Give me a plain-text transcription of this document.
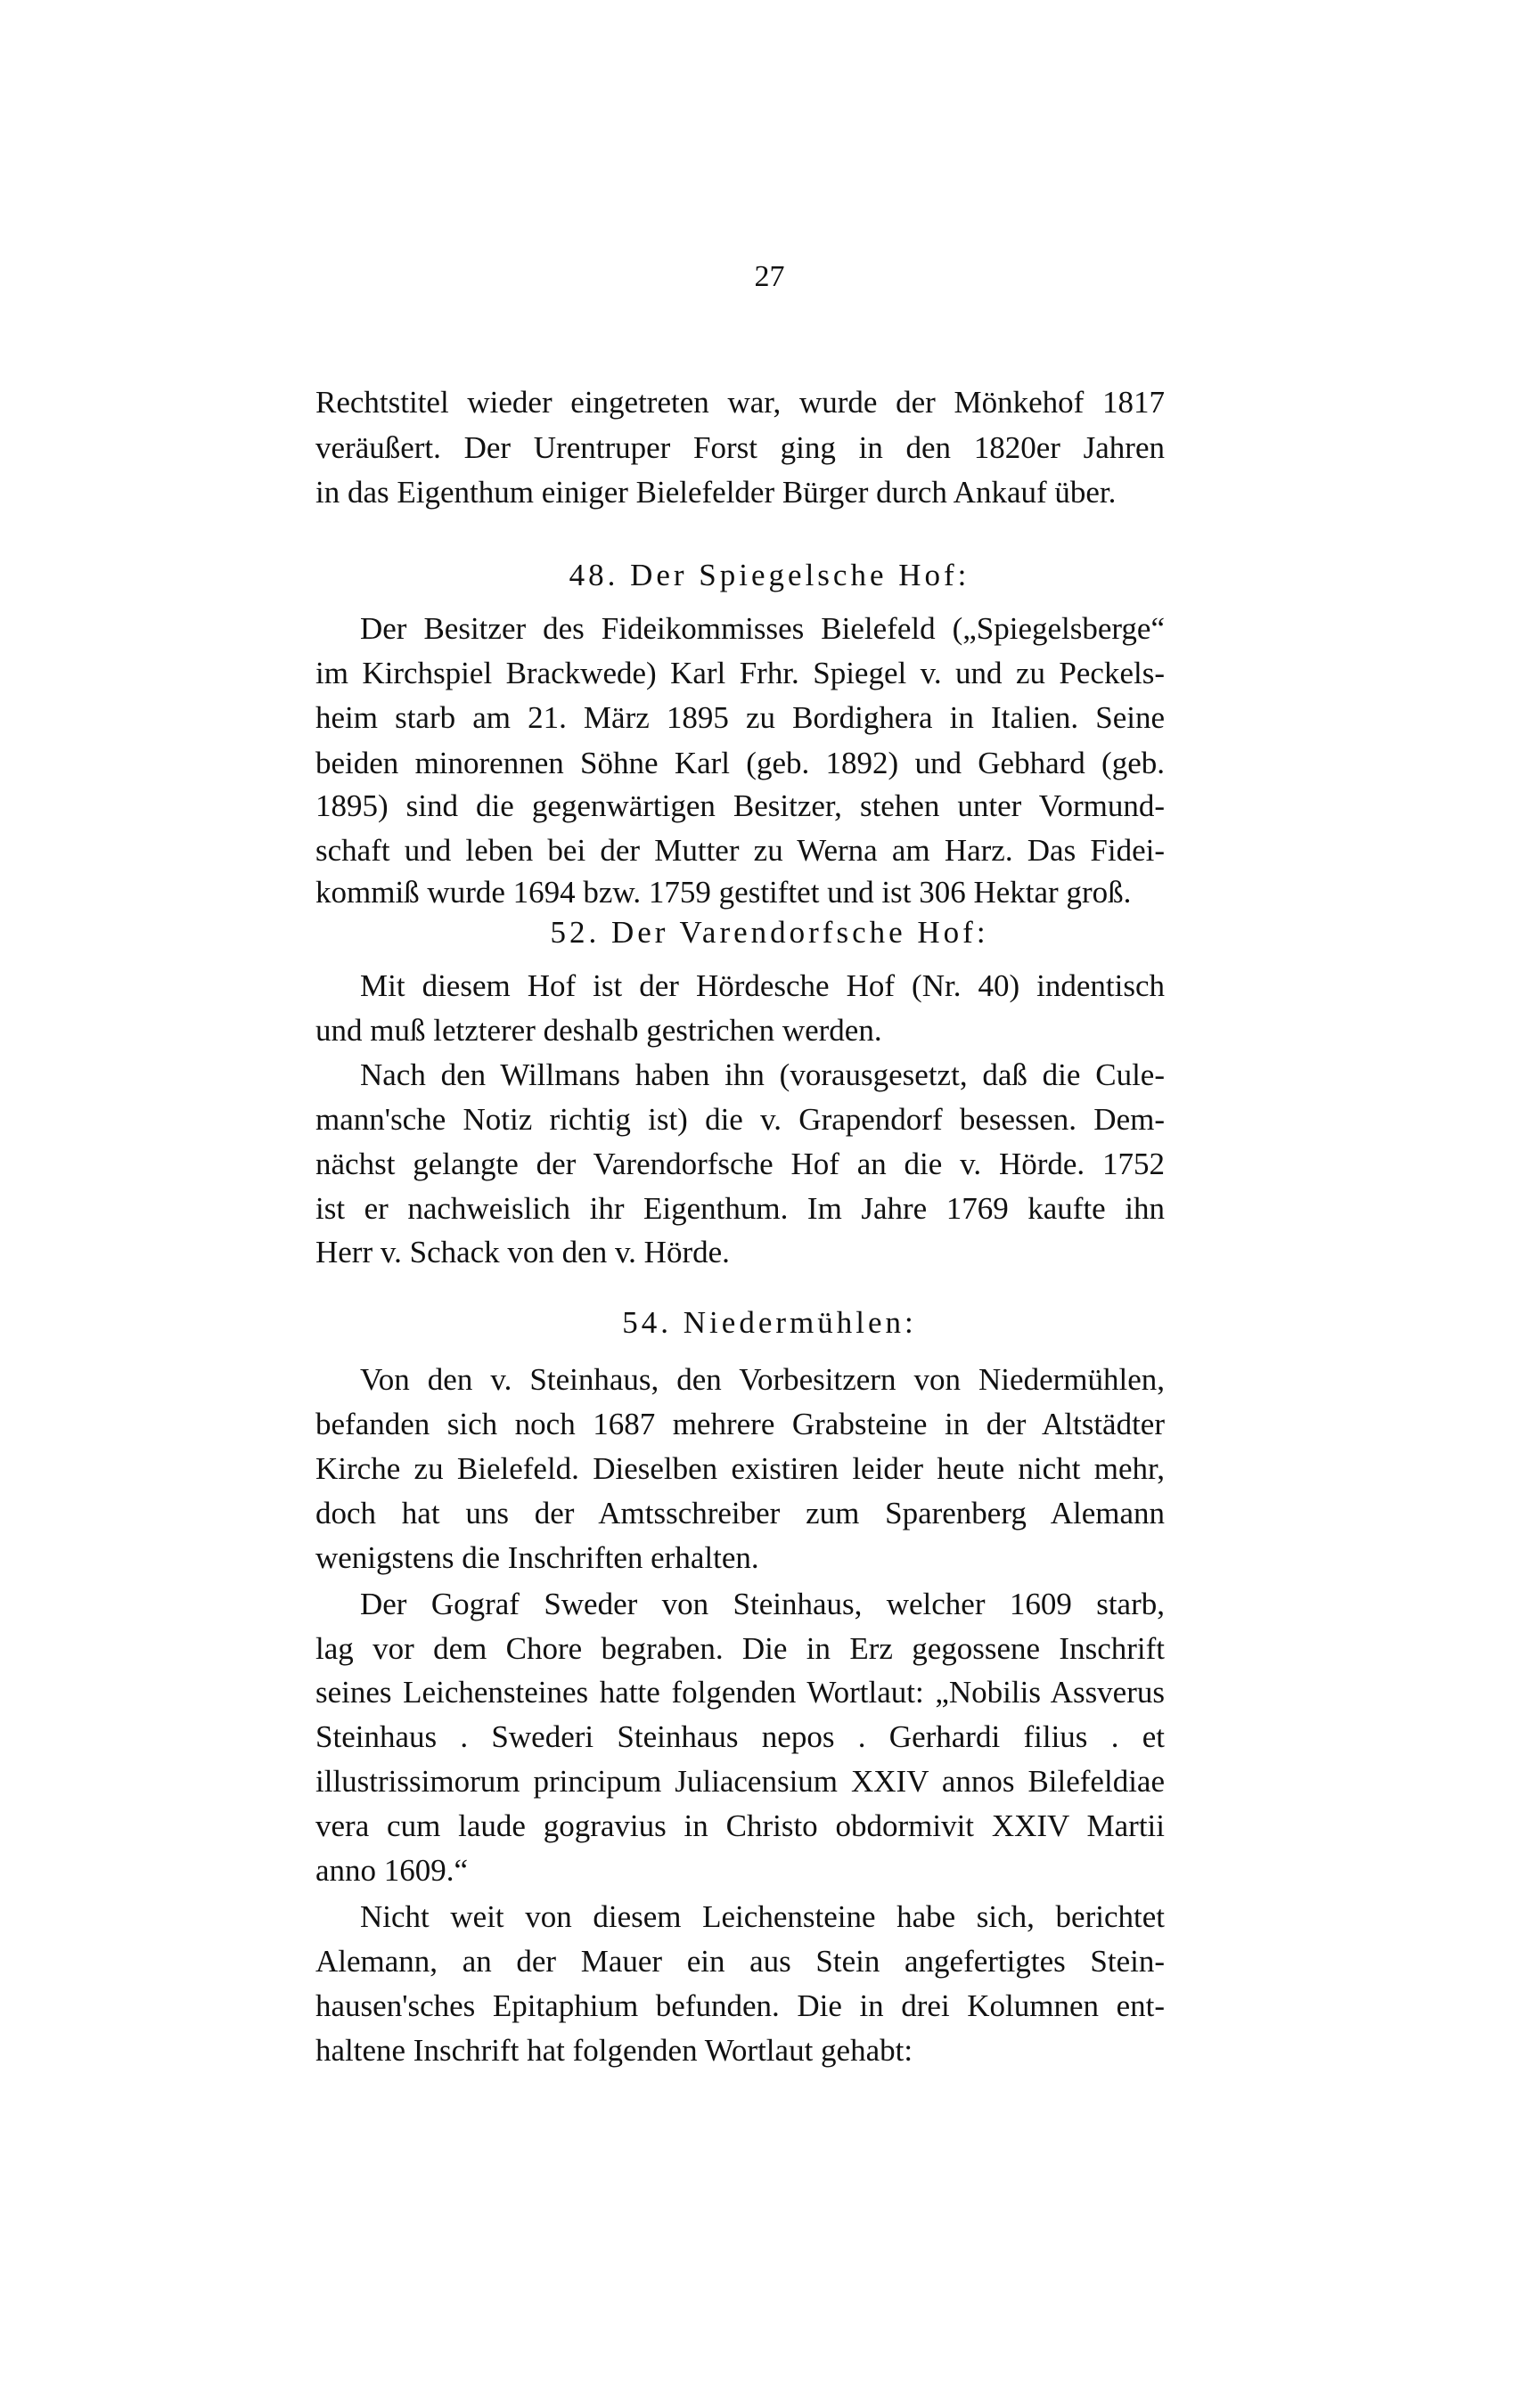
27
Rechtstitel wieder eingetreten war, wurde der Mönkehof 1817
veräußert. Der Urentruper Forst ging in den 1820er Jahren
in das Eigenthum einiger Bielefelder Bürger durch Ankauf über.
48. Der Spiegelsche Hof:
Der Besitzer des Fideikommisses Bielefeld („Spiegelsberge“
im Kirchspiel Brackwede) Karl Frhr. Spiegel v. und zu Peckels-
heim starb am 21. März 1895 zu Bordighera in Italien. Seine
beiden minorennen Söhne Karl (geb. 1892) und Gebhard (geb.
1895) sind die gegenwärtigen Besitzer, stehen unter Vormund-
schaft und leben bei der Mutter zu Werna am Harz. Das Fidei-
kommiß wurde 1694 bzw. 1759 gestiftet und ist 306 Hektar groß.
52. Der Varendorfsche Hof:
Mit diesem Hof ist der Hördesche Hof (Nr. 40) indentisch
und muß letzterer deshalb gestrichen werden.
Nach den Willmans haben ihn (vorausgesetzt, daß die Cule-
mann'sche Notiz richtig ist) die v. Grapendorf besessen. Dem-
nächst gelangte der Varendorfsche Hof an die v. Hörde. 1752
ist er nachweislich ihr Eigenthum. Im Jahre 1769 kaufte ihn
Herr v. Schack von den v. Hörde.
54. Niedermühlen:
Von den v. Steinhaus, den Vorbesitzern von Niedermühlen,
befanden sich noch 1687 mehrere Grabsteine in der Altstädter
Kirche zu Bielefeld. Dieselben existiren leider heute nicht mehr,
doch hat uns der Amtsschreiber zum Sparenberg Alemann
wenigstens die Inschriften erhalten.
Der Gograf Sweder von Steinhaus, welcher 1609 starb,
lag vor dem Chore begraben. Die in Erz gegossene Inschrift
seines Leichensteines hatte folgenden Wortlaut: „Nobilis Assverus
Steinhaus . Swederi Steinhaus nepos . Gerhardi filius . et
illustrissimorum principum Juliacensium XXIV annos Bilefeldiae
vera cum laude gogravius in Christo obdormivit XXIV Martii
anno 1609.“
Nicht weit von diesem Leichensteine habe sich, berichtet
Alemann, an der Mauer ein aus Stein angefertigtes Stein-
hausen'sches Epitaphium befunden. Die in drei Kolumnen ent-
haltene Inschrift hat folgenden Wortlaut gehabt:
